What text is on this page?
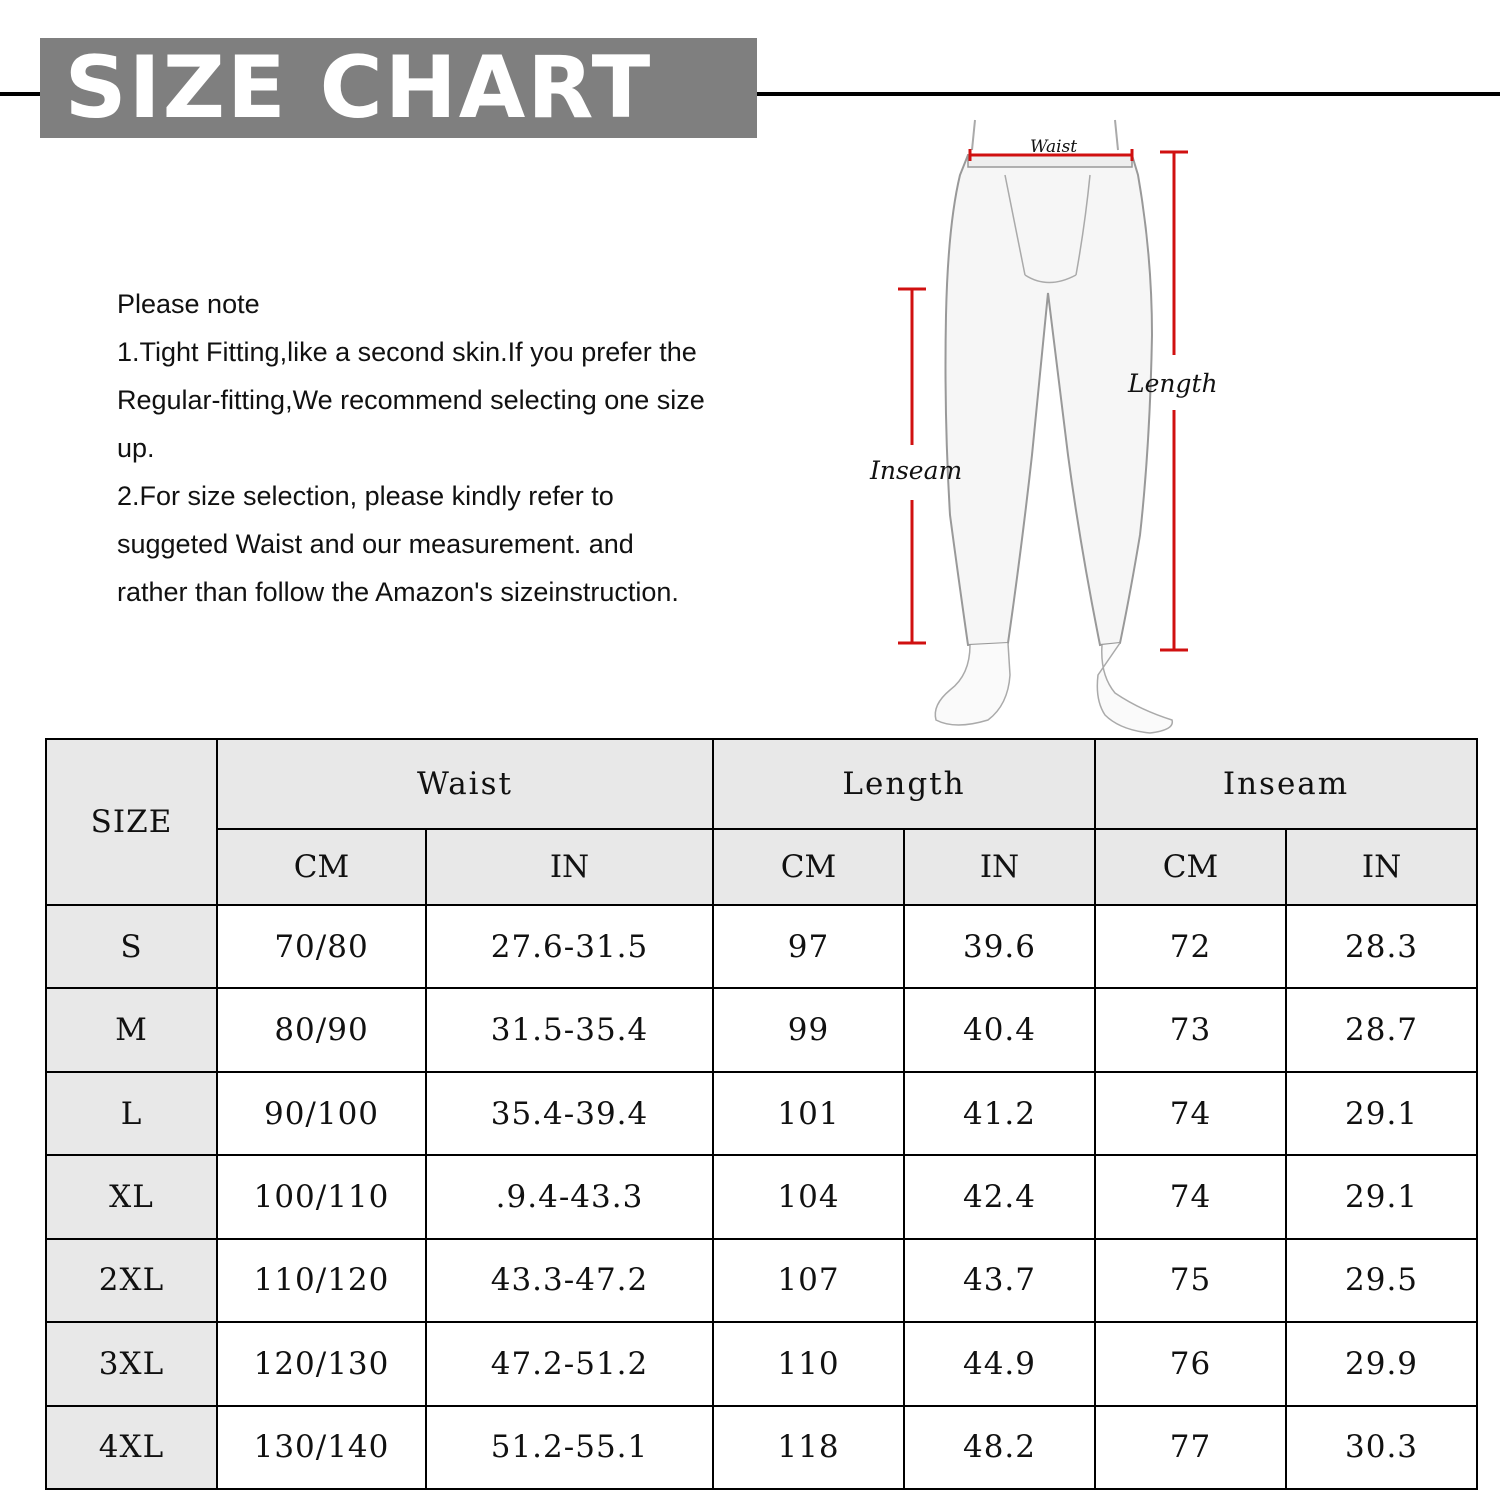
SIZE CHART

Please note

1.Tight Fitting,like a second skin.If you prefer the

Regular-fitting,We recommend selecting one size

up.

2.For size selection, please kindly refer to

suggeted Waist and our measurement. and

rather than follow the Amazon's sizeinstruction.

Waist
Length
Inseam
SIZE	Waist		Length		Inseam	
	CM	IN	CM	IN	CM	IN
S	70/80	27.6-31.5	97	39.6	72	28.3
M	80/90	31.5-35.4	99	40.4	73	28.7
L	90/100	35.4-39.4	101	41.2	74	29.1
XL	100/110	.9.4-43.3	104	42.4	74	29.1
2XL	110/120	43.3-47.2	107	43.7	75	29.5
3XL	120/130	47.2-51.2	110	44.9	76	29.9
4XL	130/140	51.2-55.1	118	48.2	77	30.3
